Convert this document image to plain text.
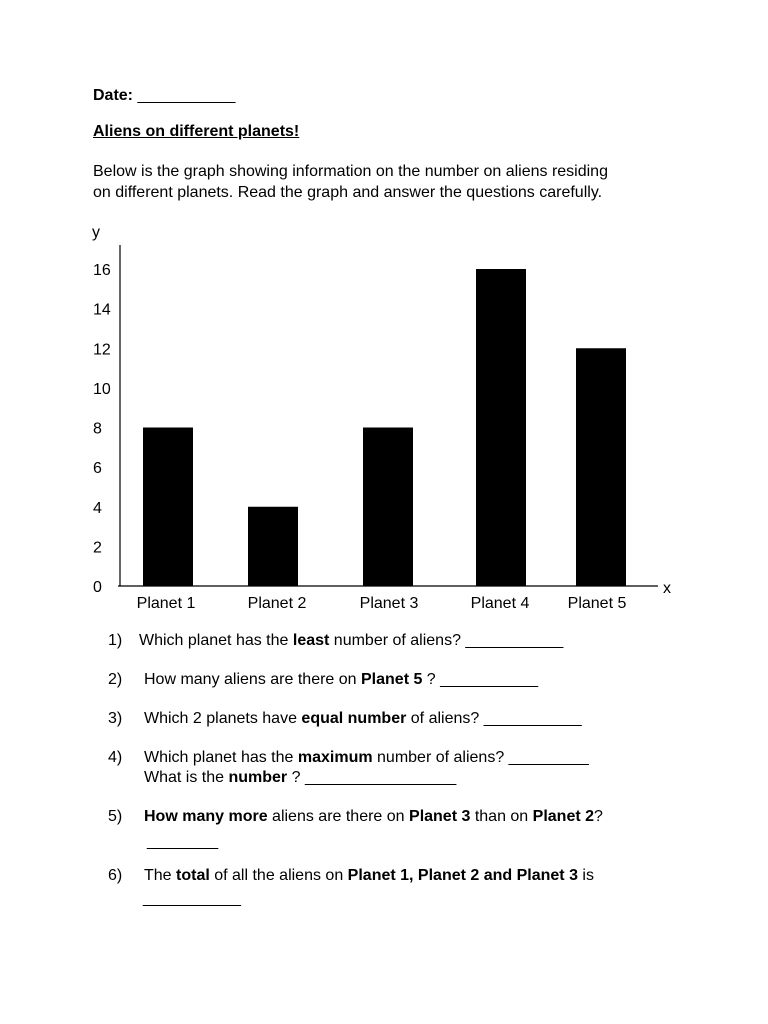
Date: ___________
Aliens on different planets!
Below is the graph showing information on the number on aliens residing
on different planets. Read the graph and answer the questions carefully.
y
x
0
2
4
6
8
10
12
14
16
Planet 1	Planet 2	Planet 3	Planet 4 Planet 5
1) Which planet has the least number of aliens? ___________
2) How many aliens are there on Planet 5 ? ___________
3) Which 2 planets have equal number of aliens? ___________
4) Which planet has the maximum number of aliens? _________
What is the number ? _________________
5) How many more aliens are there on Planet 3 than on Planet 2?
________
6) The total of all the aliens on Planet 1, Planet 2 and Planet 3 is
___________
